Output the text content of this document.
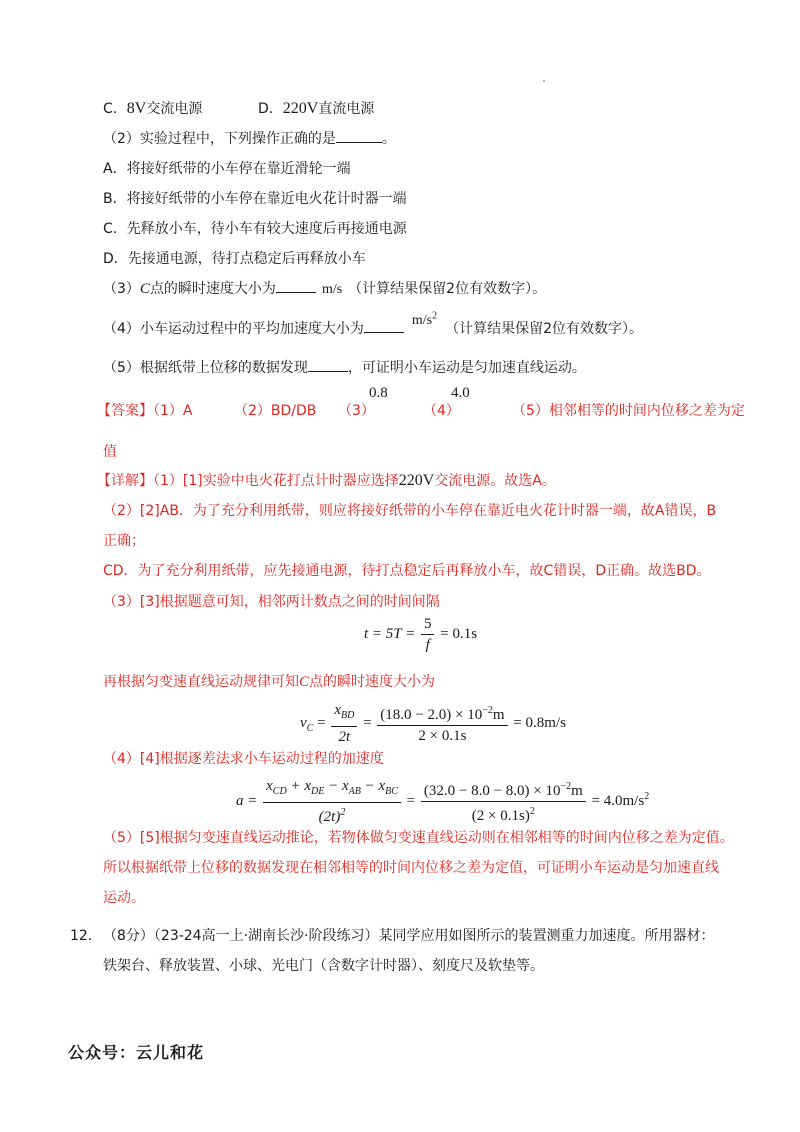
C．8V交流电源	D．220V直流电源
（2）实验过程中，下列操作正确的是	。
A．将接好纸带的小车停在靠近滑轮一端
B．将接好纸带的小车停在靠近电火花计时器一端
C．先释放小车，待小车有较大速度后再接通电源
D．先接通电源，待打点稳定后再释放小车
（3）C点的瞬时速度大小为	m/s （计算结果保留2位有效数字）。
（4）小车运动过程中的平均加速度大小为$m/s^2$（计算结果保留2位有效数字）。
（5）根据纸带上位移的数据发现	，可证明小车运动是匀加速直线运动。
【答案】（1）A	（2）BD/DB （3）
0.8
（4）
4.0
（5）相邻相等的时间内位移之差为定
值
【详解】（1）[1]实验中电火花打点计时器应选择220V交流电源。故选A。
（2）[2]AB．为了充分利用纸带，则应将接好纸带的小车停在靠近电火花计时器一端，故A错误，B
正确；
CD．为了充分利用纸带，应先接通电源，待打点稳定后再释放小车，故C错误，D正确。故选BD。
（3）[3]根据题意可知，相邻两计数点之间的时间间隔
$t = 5T = \frac{5}{f} = 0.1s$
再根据匀变速直线运动规律可知C点的瞬时速度大小为
$v_C = \frac{x_{BD}}{2t} = \frac{(18.0 - 2.0) \times 10^{-2}m}{2 \times 0.1s} = 0.8m/s$
（4）[4]根据逐差法求小车运动过程的加速度
$a = \frac{x_{CD} + x_{DE} - x_{AB} - x_{BC}}{(2t)^2} = \frac{(32.0 - 8.0 - 8.0) \times 10^{-2}m}{(2 \times 0.1s)^2} = 4.0m/s^2$
（5）[5]根据匀变速直线运动推论，若物体做匀变速直线运动则在相邻相等的时间内位移之差为定值。
所以根据纸带上位移的数据发现在相邻相等的时间内位移之差为定值，可证明小车运动是匀加速直线
运动。
12． （8分）（23-24高一上·湖南长沙·阶段练习）某同学应用如图所示的装置测重力加速度。所用器材：
铁架台、释放装置、小球、光电门（含数字计时器）、刻度尺及软垫等。
公众号：云儿和花
